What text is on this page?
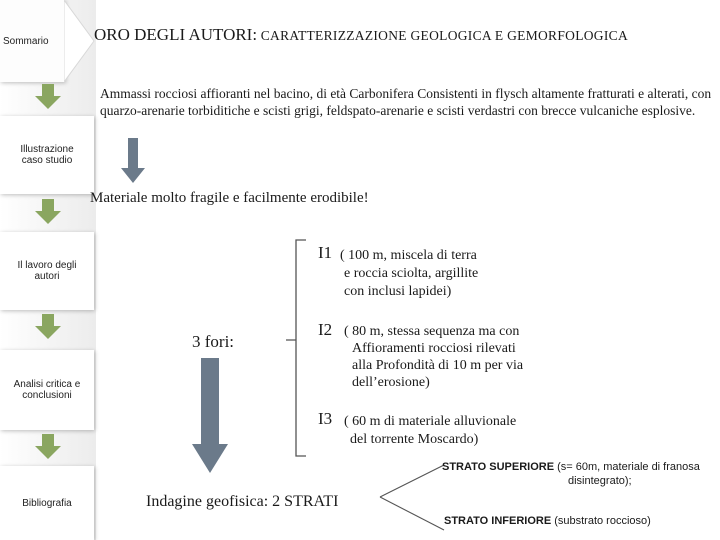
Sommario
Illustrazione caso studio
Il lavoro degli autori
Analisi critica e conclusioni
Bibliografia
ORO DEGLI AUTORI: CARATTERIZZAZIONE GEOLOGICA E GEMORFOLOGICA
Ammassi rocciosi affioranti nel bacino, di età Carbonifera Consistenti in flysch altamente fratturati e alterati, con quarzo-arenarie torbiditiche e scisti grigi, feldspato-arenarie e scisti verdastri con brecce vulcaniche esplosive.
Materiale molto fragile e facilmente erodibile!
3 fori:
I1 ( 100 m, miscela di terra
e roccia sciolta, argillite
con inclusi lapidei)
I2 ( 80 m, stessa sequenza ma con
Affioramenti rocciosi rilevati
alla Profondità di 10 m per via
dell’erosione)
I3 ( 60 m di materiale alluvionale
del torrente Moscardo)
Indagine geofisica: 2 STRATI
STRATO SUPERIORE (s= 60m, materiale di franosa
disintegrato);
STRATO INFERIORE (substrato roccioso)
